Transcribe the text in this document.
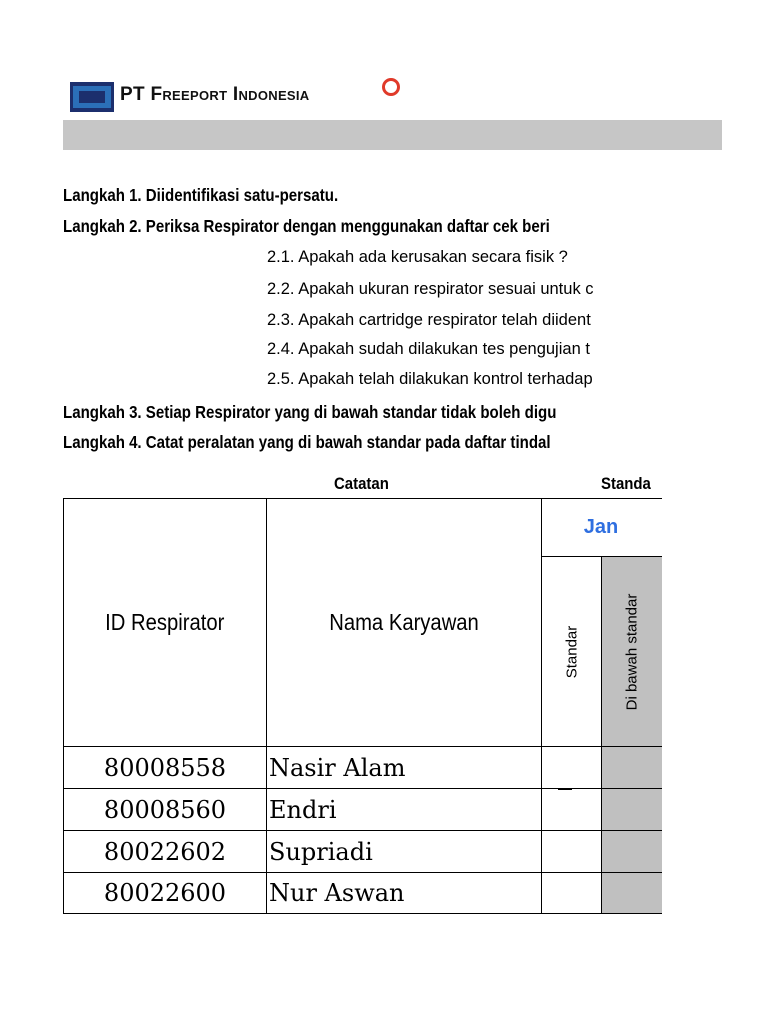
PT Freeport Indonesia
Langkah 1. Diidentifikasi satu-persatu.
Langkah 2. Periksa Respirator dengan menggunakan daftar cek beri
2.1. Apakah ada kerusakan secara fisik ?
2.2. Apakah ukuran respirator sesuai untuk c
2.3. Apakah cartridge respirator telah diident
2.4. Apakah sudah dilakukan tes pengujian t
2.5. Apakah telah dilakukan kontrol terhadap
Langkah 3. Setiap Respirator yang di bawah standar tidak boleh digu
Langkah 4. Catat peralatan yang di bawah standar pada daftar tindal
Catatan	Standa
ID Respirator	Nama Karyawan
Jan
Standar	Di bawah standar
80008558	Nasir Alam
80008560	Endri
80022602	Supriadi
80022600	Nur Aswan
